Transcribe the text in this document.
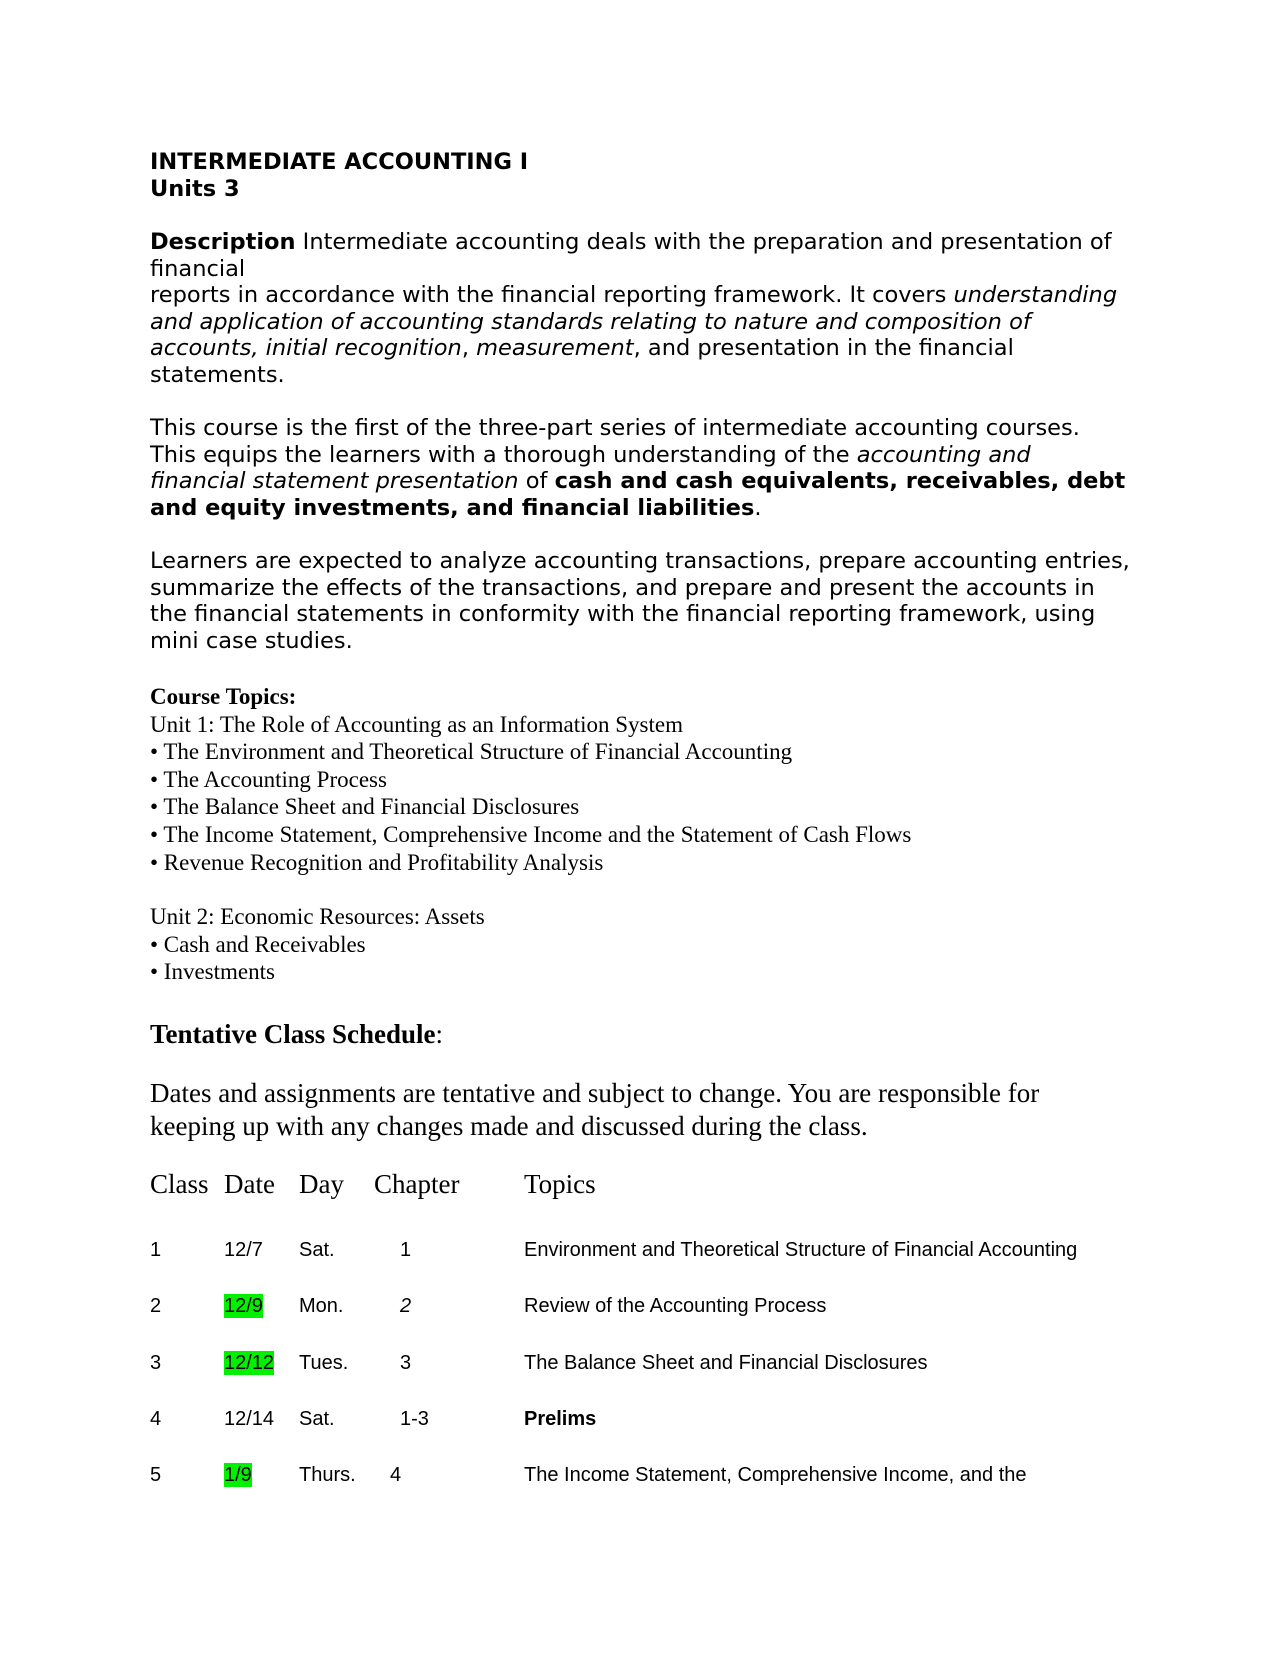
INTERMEDIATE ACCOUNTING I

Units 3

Description Intermediate accounting deals with the preparation and presentation of financial

reports in accordance with the financial reporting framework. It covers understanding and application of accounting standards relating to nature and composition of accounts, initial recognition, measurement, and presentation in the financial statements.

This course is the first of the three-part series of intermediate accounting courses. This equips the learners with a thorough understanding of the accounting and financial statement presentation of cash and cash equivalents, receivables, debt and equity investments, and financial liabilities.

Learners are expected to analyze accounting transactions, prepare accounting entries, summarize the effects of the transactions, and prepare and present the accounts in the financial statements in conformity with the financial reporting framework, using mini case studies.

Course Topics:
Unit 1: The Role of Accounting as an Information System
• The Environment and Theoretical Structure of Financial Accounting
• The Accounting Process
• The Balance Sheet and Financial Disclosures
• The Income Statement, Comprehensive Income and the Statement of Cash Flows
• Revenue Recognition and Profitability Analysis
Unit 2: Economic Resources: Assets
• Cash and Receivables
• Investments
Tentative Class Schedule:

Dates and assignments are tentative and subject to change. You are responsible for keeping up with any changes made and discussed during the class.

Class Date Day Chapter Topics
1	12/7 Sat.	1	Environment and Theoretical Structure of Financial Accounting
2	12/9 Mon.	2	Review of the Accounting Process
3	12/12 Tues.	3	The Balance Sheet and Financial Disclosures
4	12/14 Sat.	1-3	Prelims
5	1/9 Thurs. 4	The Income Statement, Comprehensive Income, and the
